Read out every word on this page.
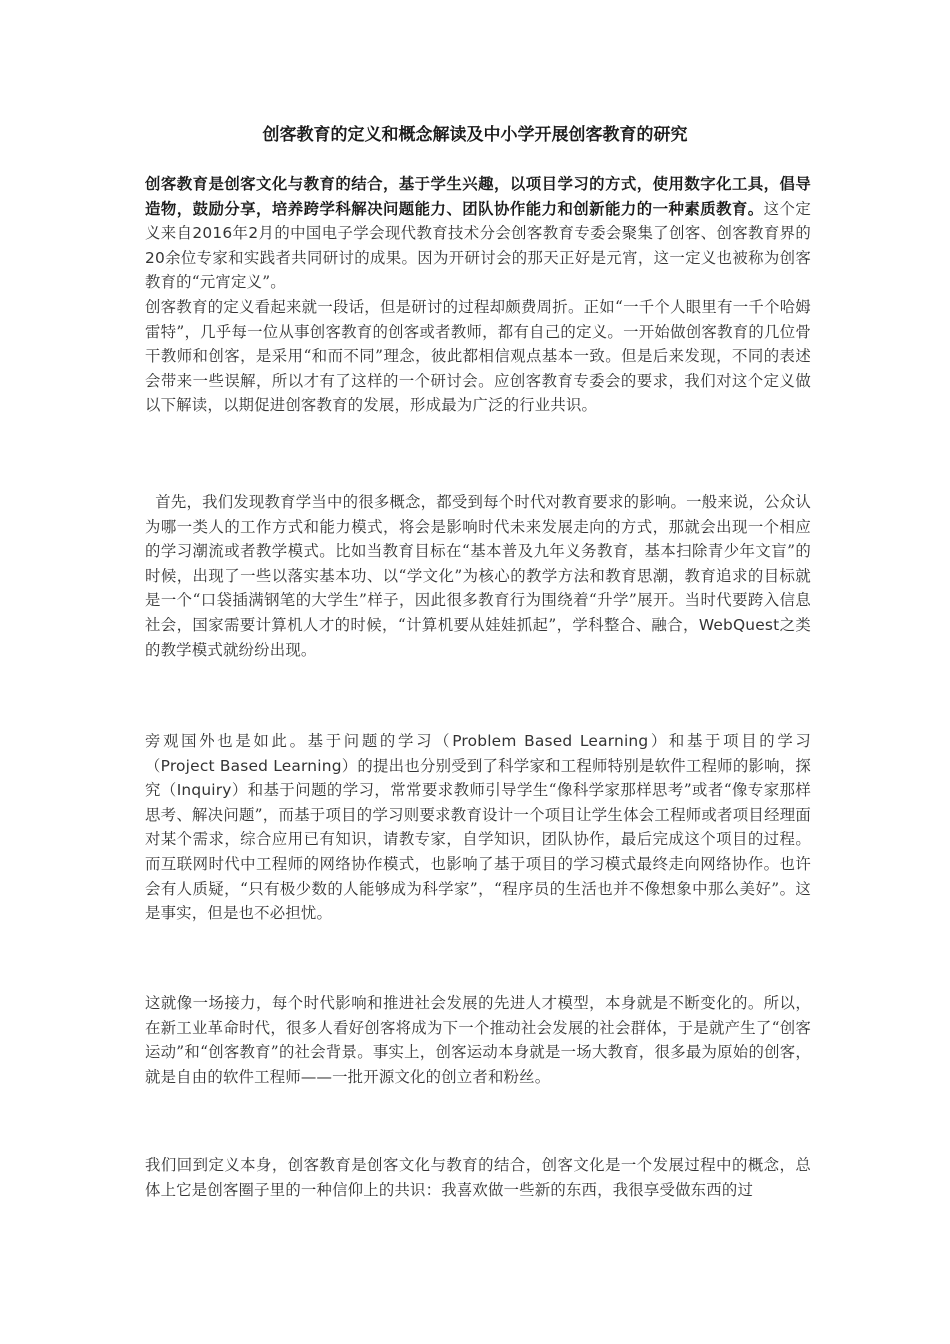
创客教育的定义和概念解读及中小学开展创客教育的研究

创客教育是创客文化与教育的结合，基于学生兴趣，以项目学习的方式，使用数字化工具，倡导造物，鼓励分享，培养跨学科解决问题能力、团队协作能力和创新能力的一种素质教育。这个定义来自2016年2月的中国电子学会现代教育技术分会创客教育专委会聚集了创客、创客教育界的20余位专家和实践者共同研讨的成果。因为开研讨会的那天正好是元宵，这一定义也被称为创客教育的“元宵定义”。

创客教育的定义看起来就一段话，但是研讨的过程却颇费周折。正如“一千个人眼里有一千个哈姆雷特”，几乎每一位从事创客教育的创客或者教师，都有自己的定义。一开始做创客教育的几位骨干教师和创客，是采用“和而不同”理念，彼此都相信观点基本一致。但是后来发现，不同的表述会带来一些误解，所以才有了这样的一个研讨会。应创客教育专委会的要求，我们对这个定义做以下解读，以期促进创客教育的发展，形成最为广泛的行业共识。

首先，我们发现教育学当中的很多概念，都受到每个时代对教育要求的影响。一般来说，公众认为哪一类人的工作方式和能力模式，将会是影响时代未来发展走向的方式，那就会出现一个相应的学习潮流或者教学模式。比如当教育目标在“基本普及九年义务教育，基本扫除青少年文盲”的时候，出现了一些以落实基本功、以“学文化”为核心的教学方法和教育思潮，教育追求的目标就是一个“口袋插满钢笔的大学生”样子，因此很多教育行为围绕着“升学”展开。当时代要跨入信息社会，国家需要计算机人才的时候，“计算机要从娃娃抓起”，学科整合、融合，WebQuest之类的教学模式就纷纷出现。

旁观国外也是如此。基于问题的学习（Problem Based Learning）和基于项目的学习（Project Based Learning）的提出也分别受到了科学家和工程师特别是软件工程师的影响，探究（Inquiry）和基于问题的学习，常常要求教师引导学生“像科学家那样思考”或者“像专家那样思考、解决问题”，而基于项目的学习则要求教育设计一个项目让学生体会工程师或者项目经理面对某个需求，综合应用已有知识，请教专家，自学知识，团队协作，最后完成这个项目的过程。而互联网时代中工程师的网络协作模式，也影响了基于项目的学习模式最终走向网络协作。也许会有人质疑，“只有极少数的人能够成为科学家”，“程序员的生活也并不像想象中那么美好”。这是事实，但是也不必担忧。

这就像一场接力，每个时代影响和推进社会发展的先进人才模型，本身就是不断变化的。所以，在新工业革命时代，很多人看好创客将成为下一个推动社会发展的社会群体，于是就产生了“创客运动”和“创客教育”的社会背景。事实上，创客运动本身就是一场大教育，很多最为原始的创客，就是自由的软件工程师——一批开源文化的创立者和粉丝。

我们回到定义本身，创客教育是创客文化与教育的结合，创客文化是一个发展过程中的概念，总体上它是创客圈子里的一种信仰上的共识：我喜欢做一些新的东西，我很享受做东西的过
